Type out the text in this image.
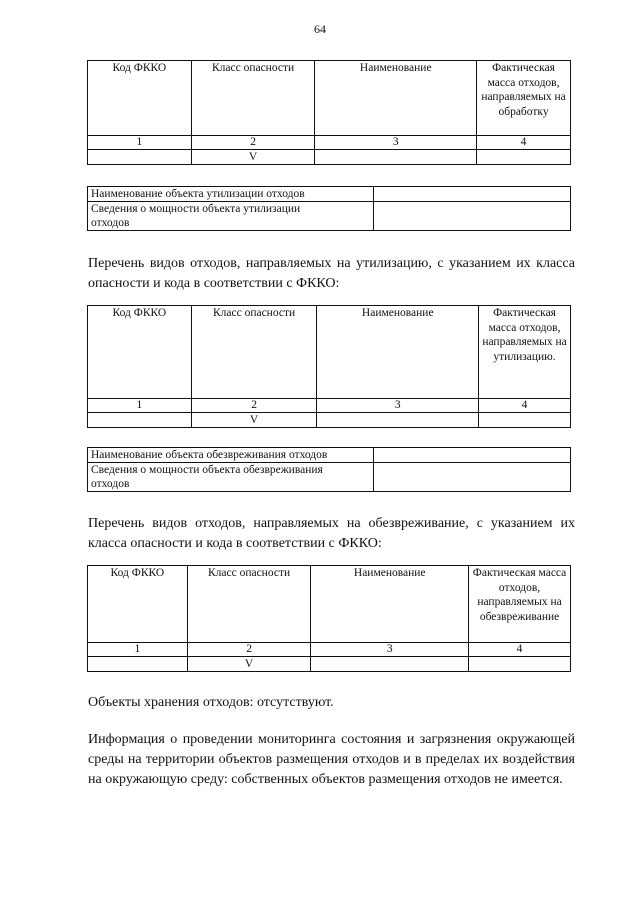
64
Код ФККО	Класс опасности	Наименование	Фактическая масса отходов, направляемых на обработку
1	2	3	4
	V		
Наименование объекта утилизации отходов	

Сведения о мощности объекта утилизации
отходов	

Перечень видов отходов, направляемых на утилизацию, с указанием их класса опасности и кода в соответствии с ФККО:
Код ФККО	Класс опасности	Наименование	Фактическая масса отходов, направляемых на утилизацию.
1	2	3	4
	V		
Наименование объекта обезвреживания отходов	

Сведения о мощности объекта обезвреживания
отходов	

Перечень видов отходов, направляемых на обезвреживание, с указанием их класса опасности и кода в соответствии с ФККО:
Код ФККО	Класс опасности	Наименование	Фактическая масса отходов, направляемых на обезвреживание
1	2	3	4
	V		
Объекты хранения отходов: отсутствуют.
Информация о проведении мониторинга состояния и загрязнения окружающей среды на территории объектов размещения отходов и в пределах их воздействия на окружающую среду: собственных объектов размещения отходов не имеется.
